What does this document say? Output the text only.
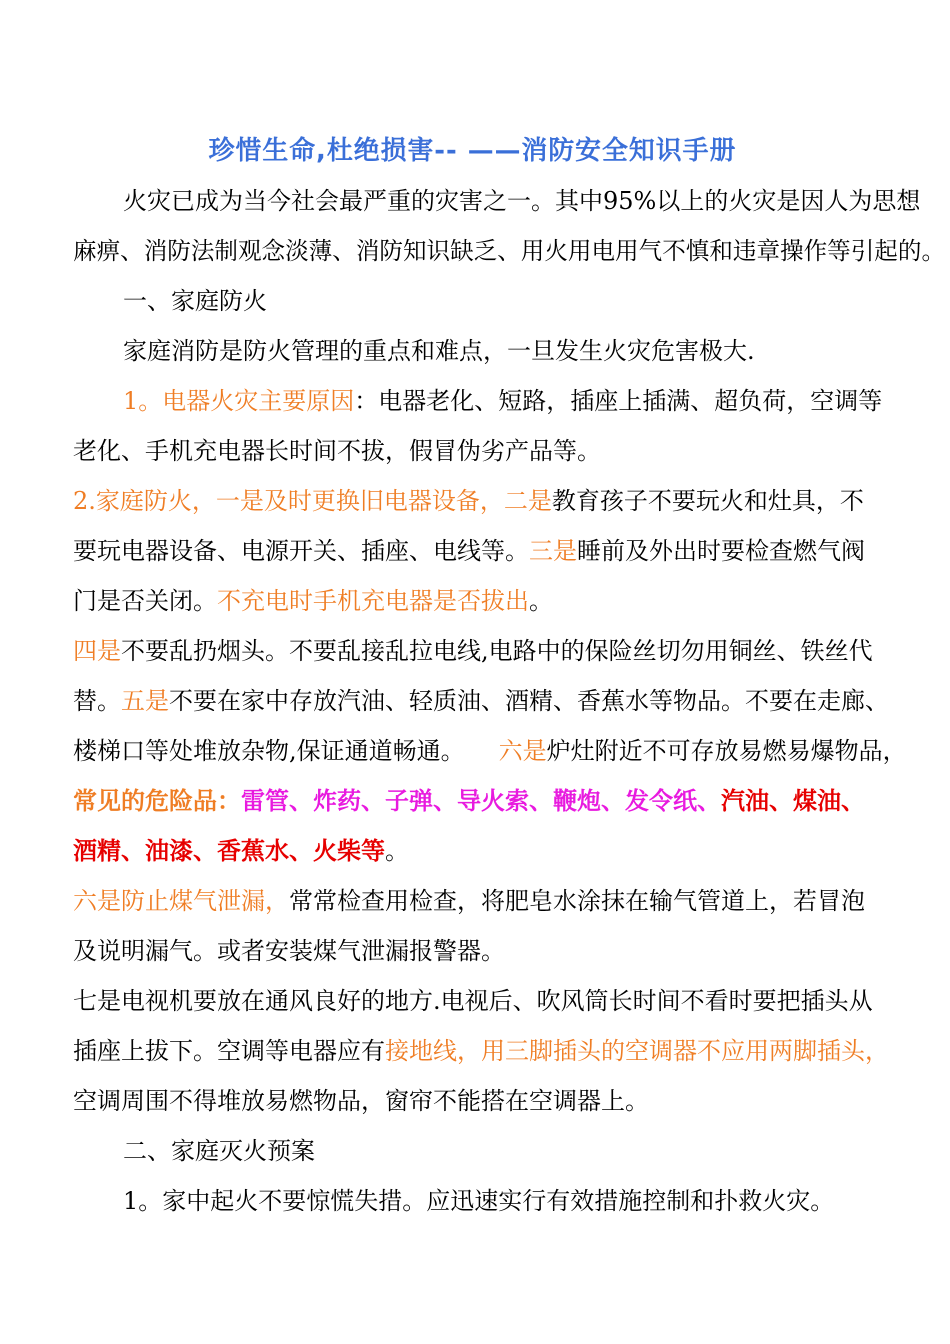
珍惜生命,杜绝损害-- ——消防安全知识手册
火灾已成为当今社会最严重的灾害之一。其中95%以上的火灾是因人为思想
麻痹、消防法制观念淡薄、消防知识缺乏、用火用电用气不慎和违章操作等引起的。
一、家庭防火
家庭消防是防火管理的重点和难点，一旦发生火灾危害极大.
1。电器火灾主要原因：电器老化、短路，插座上插满、超负荷，空调等
老化、手机充电器长时间不拔，假冒伪劣产品等。
2.家庭防火，一是及时更换旧电器设备，二是教育孩子不要玩火和灶具，不
要玩电器设备、电源开关、插座、电线等。三是睡前及外出时要检查燃气阀
门是否关闭。不充电时手机充电器是否拔出。
四是不要乱扔烟头。不要乱接乱拉电线,电路中的保险丝切勿用铜丝、铁丝代
替。五是不要在家中存放汽油、轻质油、酒精、香蕉水等物品。不要在走廊、
楼梯口等处堆放杂物,保证通道畅通。 六是炉灶附近不可存放易燃易爆物品，
常见的危险品：雷管、炸药、子弹、导火索、鞭炮、发令纸、汽油、煤油、
酒精、油漆、香蕉水、火柴等。
六是防止煤气泄漏，常常检查用检查，将肥皂水涂抹在输气管道上，若冒泡
及说明漏气。或者安装煤气泄漏报警器。
七是电视机要放在通风良好的地方.电视后、吹风筒长时间不看时要把插头从
插座上拔下。空调等电器应有接地线，用三脚插头的空调器不应用两脚插头，
空调周围不得堆放易燃物品，窗帘不能搭在空调器上。
二、家庭灭火预案
1。家中起火不要惊慌失措。应迅速实行有效措施控制和扑救火灾。
